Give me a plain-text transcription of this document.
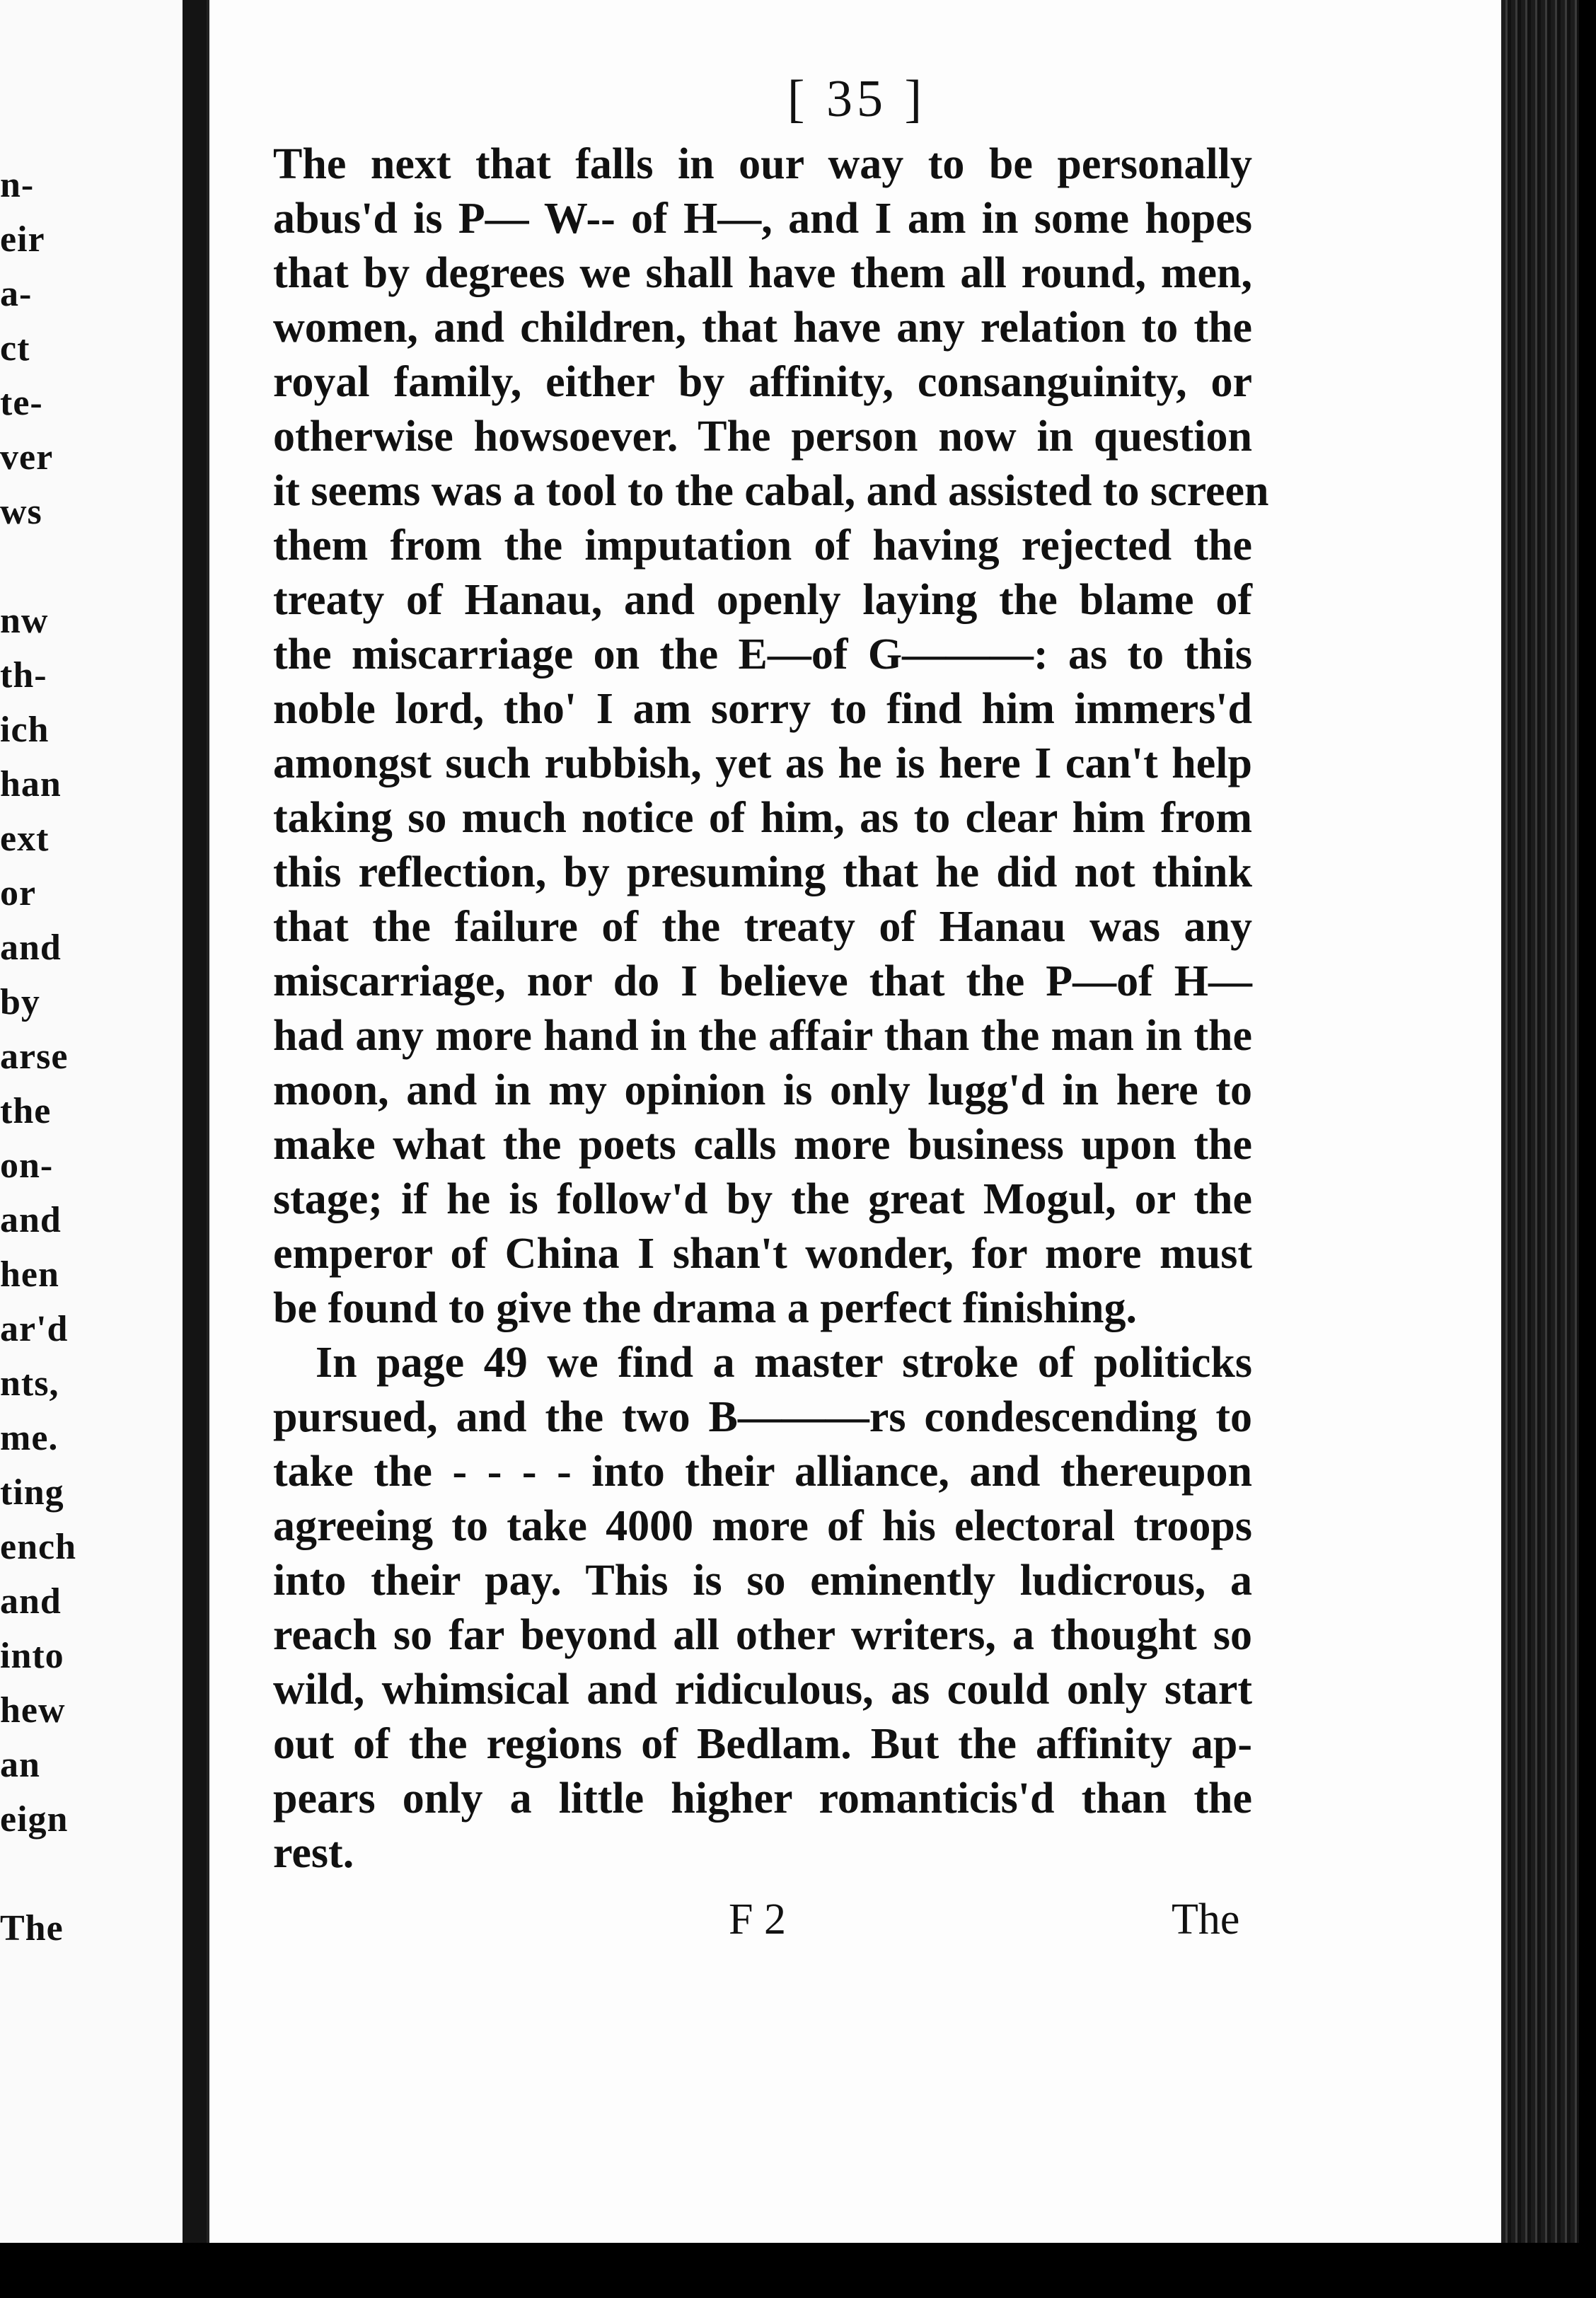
n-
eir
a-
ct
te-
ver
ws
nw
th-
ich
han
ext
or
and
by
arse
the
on-
and
hen
ar'd
nts,
me.
ting
ench
and
into
hew
an
eign
The
[ 35 ]
The next that falls in our way to be personally
abus'd is P— W-- of H—, and I am in some hopes
that by degrees we shall have them all round, men,
women, and children, that have any relation to the
royal family, either by affinity, consanguinity, or
otherwise howsoever. The person now in question
it seems was a tool to the cabal, and assisted to screen
them from the imputation of having rejected the
treaty of Hanau, and openly laying the blame of
the miscarriage on the E—of G———: as to this
noble lord, tho' I am sorry to find him immers'd
amongst such rubbish, yet as he is here I can't help
taking so much notice of him, as to clear him from
this reflection, by presuming that he did not think
that the failure of the treaty of Hanau was any
miscarriage, nor do I believe that the P—of H—
had any more hand in the affair than the man in the
moon, and in my opinion is only lugg'd in here to
make what the poets calls more business upon the
stage; if he is follow'd by the great Mogul, or the
emperor of China I shan't wonder, for more must
be found to give the drama a perfect finishing.
In page 49 we find a master stroke of politicks
pursued, and the two B———rs condescending to
take the - - - - into their alliance, and thereupon
agreeing to take 4000 more of his electoral troops
into their pay. This is so eminently ludicrous, a
reach so far beyond all other writers, a thought so
wild, whimsical and ridiculous, as could only start
out of the regions of Bedlam. But the affinity ap-
pears only a little higher romanticis'd than the
rest.
F 2	The
